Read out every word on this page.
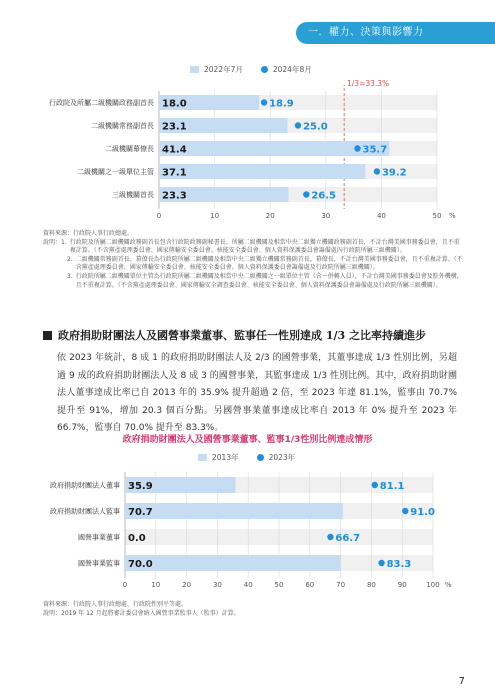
一．權力、決策與影響力
2022年7月	2024年8月
1/3=33.3%
0	10	20	30	40	50 %
行政院及所屬二級機關政務副首長 18.0	18.9
二級機關常務副首長 23.1	25.0
二級機關幕僚長 41.4	35.7
二級機關之一級單位主管 37.1	39.2
三級機關首長 23.3	26.5
資料來源：行政院人事行政總處。
說明： 1. 行政院及所屬二級機關政務副首長包含行政院政務副秘書長、所屬二級機關及相當中央二級獨立機關政務副首長，不計台灣美國事務委員會，且不重複計算。（不含黨產處理委員會、國家傳輸安全委員會、核能安全委員會、個人資料保護委員會籌備處內行政院所屬三級機關）。
2. 二級機關常務副首長、幕僚長為行政院所屬二級機關及相當中央二級獨立機關常務副首長、幕僚長，不計台灣美國事務委員會，且不重複計算。（不含黨產處理委員會、國家傳輸安全委員會、核能安全委員會、個人資料保護委員會籌備處及行政院所屬三級機關）。
3. 行政院所屬二級機關單位主管為行政院所屬二級機關及相當中央二級機關之一級單位主管（含一併轉入員），不計台灣美國事務委員會及駐外機構，且不重複計算。（不含黨產處理委員會、國家傳輸安全調查委員會、核能安全委員會、個人資料保護委員會籌備處及行政院所屬三級機關）。
政府捐助財團法人及國營事業董事、監事任一性別達成 1/3 之比率持續進步
依 2023 年統計，8 成 1 的政府捐助財團法人及 2/3 的國營事業，其董事達成 1/3 性別比例，另超過 9 成的政府捐助財團法人及 8 成 3 的國營事業，其監事達成 1/3 性別比例。其中，政府捐助財團法人董事達成比率已自 2013 年的 35.9% 提升超過 2 倍，至 2023 年達 81.1%，監事由 70.7% 提升至 91%，增加 20.3 個百分點。另國營事業董事達成比率自 2013 年 0% 提升至 2023 年 66.7%，監事自 70.0% 提升至 83.3%。
政府捐助財團法人及國營事業董事、監事1/3性別比例達成情形
2013年	2023年
0	10	20	30	40	50	60	70	80	90	100 %
政府捐助財團法人董事 35.9	81.1
政府捐助財團法人監事 70.7	91.0
國營事業董事 0.0	66.7
國營事業監事 70.0	83.3
資料來源：行政院人事行政總處、行政院性別平等處。
說明：2019 年 12 月起將審計委員會納入國營事業監事人（監事）計算。
7
